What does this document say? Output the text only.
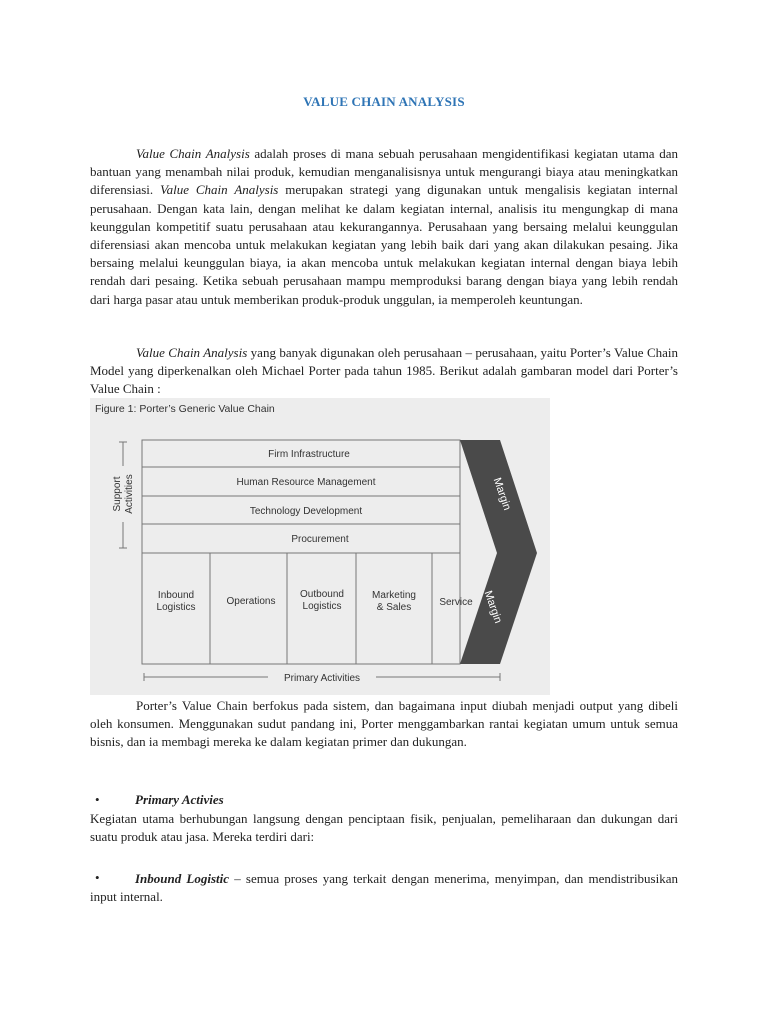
VALUE CHAIN ANALYSIS

Value Chain Analysis adalah proses di mana sebuah perusahaan mengidentifikasi kegiatan utama dan bantuan yang menambah nilai produk, kemudian menganalisisnya untuk mengurangi biaya atau meningkatkan diferensiasi. Value Chain Analysis merupakan strategi yang digunakan untuk mengalisis kegiatan internal perusahaan. Dengan kata lain, dengan melihat ke dalam kegiatan internal, analisis itu mengungkap di mana keunggulan kompetitif suatu perusahaan atau kekurangannya. Perusahaan yang bersaing melalui keunggulan diferensiasi akan mencoba untuk melakukan kegiatan yang lebih baik dari yang akan dilakukan pesaing. Jika bersaing melalui keunggulan biaya, ia akan mencoba untuk melakukan kegiatan internal dengan biaya lebih rendah dari pesaing. Ketika sebuah perusahaan mampu memproduksi barang dengan biaya yang lebih rendah dari harga pasar atau untuk memberikan produk-produk unggulan, ia memperoleh keuntungan.

Value Chain Analysis yang banyak digunakan oleh perusahaan – perusahaan, yaitu Porter’s Value Chain Model yang diperkenalkan oleh Michael Porter pada tahun 1985. Berikut adalah gambaran model dari Porter’s Value Chain :

Figure 1: Porter’s Generic Value Chain
Margin
Margin
Firm Infrastructure
Human Resource Management
Technology Development
Procurement
Support Activities
Inbound
Logistics
Operations
Outbound
Logistics
Marketing
& Sales	Service
Primary Activities

Porter’s Value Chain berfokus pada sistem, dan bagaimana input diubah menjadi output yang dibeli oleh konsumen. Menggunakan sudut pandang ini, Porter menggambarkan rantai kegiatan umum untuk semua bisnis, dan ia membagi mereka ke dalam kegiatan primer dan dukungan.

•	Primary Activies

Kegiatan utama berhubungan langsung dengan penciptaan fisik, penjualan, pemeliharaan dan dukungan dari suatu produk atau jasa. Mereka terdiri dari:

•	Inbound Logistic – semua proses yang terkait dengan menerima, menyimpan, dan mendistribusikan input internal.
